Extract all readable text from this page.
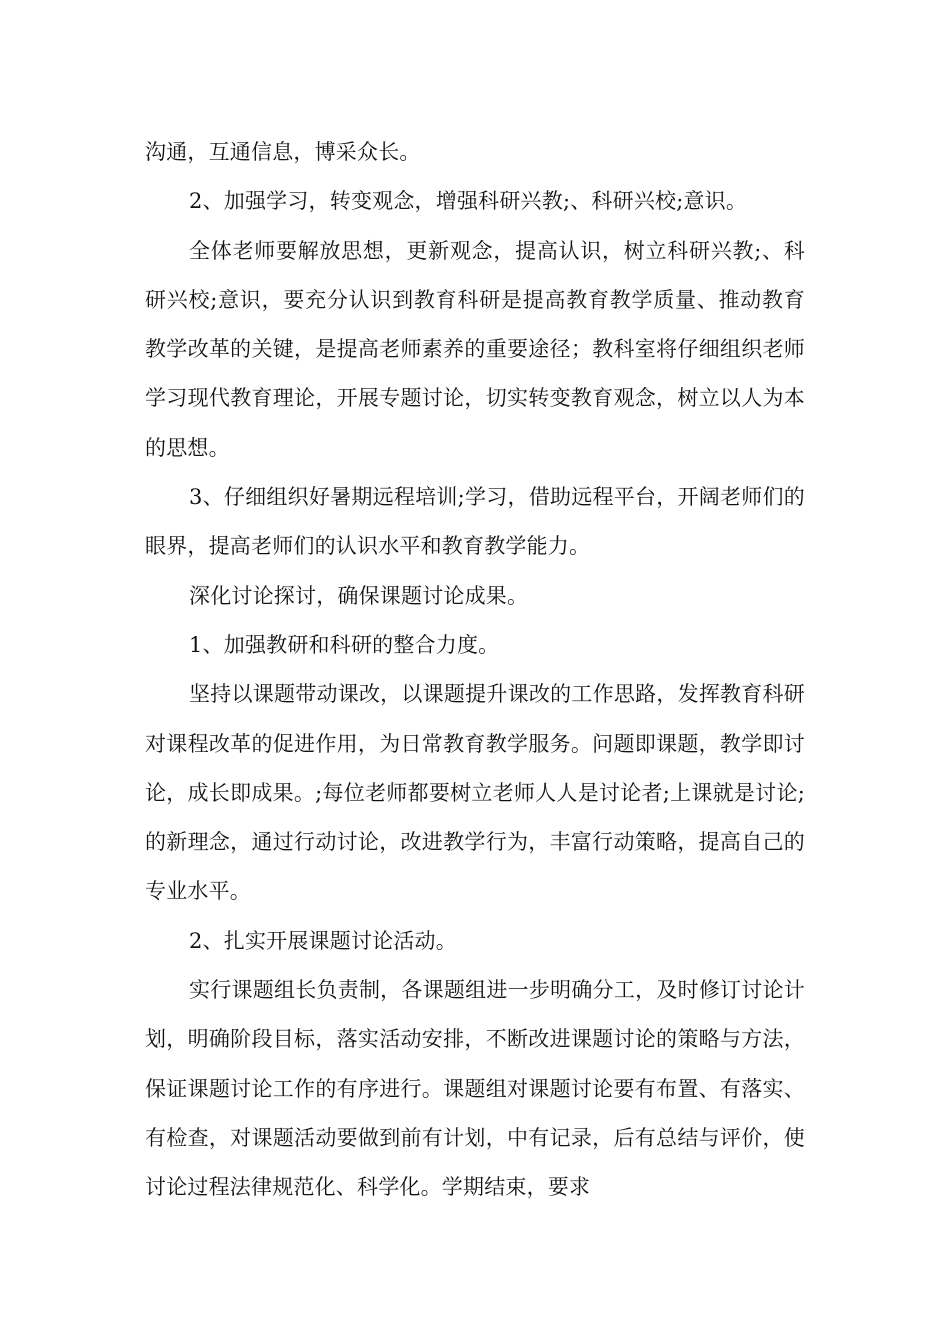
沟通，互通信息，博采众长。

2、加强学习，转变观念，增强科研兴教;、科研兴校;意识。

全体老师要解放思想，更新观念，提高认识，树立科研兴教;、科研兴校;意识，要充分认识到教育科研是提高教育教学质量、推动教育教学改革的关键，是提高老师素养的重要途径；教科室将仔细组织老师学习现代教育理论，开展专题讨论，切实转变教育观念，树立以人为本的思想。

3、仔细组织好暑期远程培训;学习，借助远程平台，开阔老师们的眼界，提高老师们的认识水平和教育教学能力。

深化讨论探讨，确保课题讨论成果。

1、加强教研和科研的整合力度。

坚持以课题带动课改，以课题提升课改的工作思路，发挥教育科研对课程改革的促进作用，为日常教育教学服务。问题即课题，教学即讨论，成长即成果。;每位老师都要树立老师人人是讨论者;上课就是讨论;的新理念，通过行动讨论，改进教学行为，丰富行动策略，提高自己的专业水平。

2、扎实开展课题讨论活动。

实行课题组长负责制，各课题组进一步明确分工，及时修订讨论计划，明确阶段目标，落实活动安排，不断改进课题讨论的策略与方法，保证课题讨论工作的有序进行。课题组对课题讨论要有布置、有落实、有检查，对课题活动要做到前有计划，中有记录，后有总结与评价，使讨论过程法律规范化、科学化。学期结束，要求
